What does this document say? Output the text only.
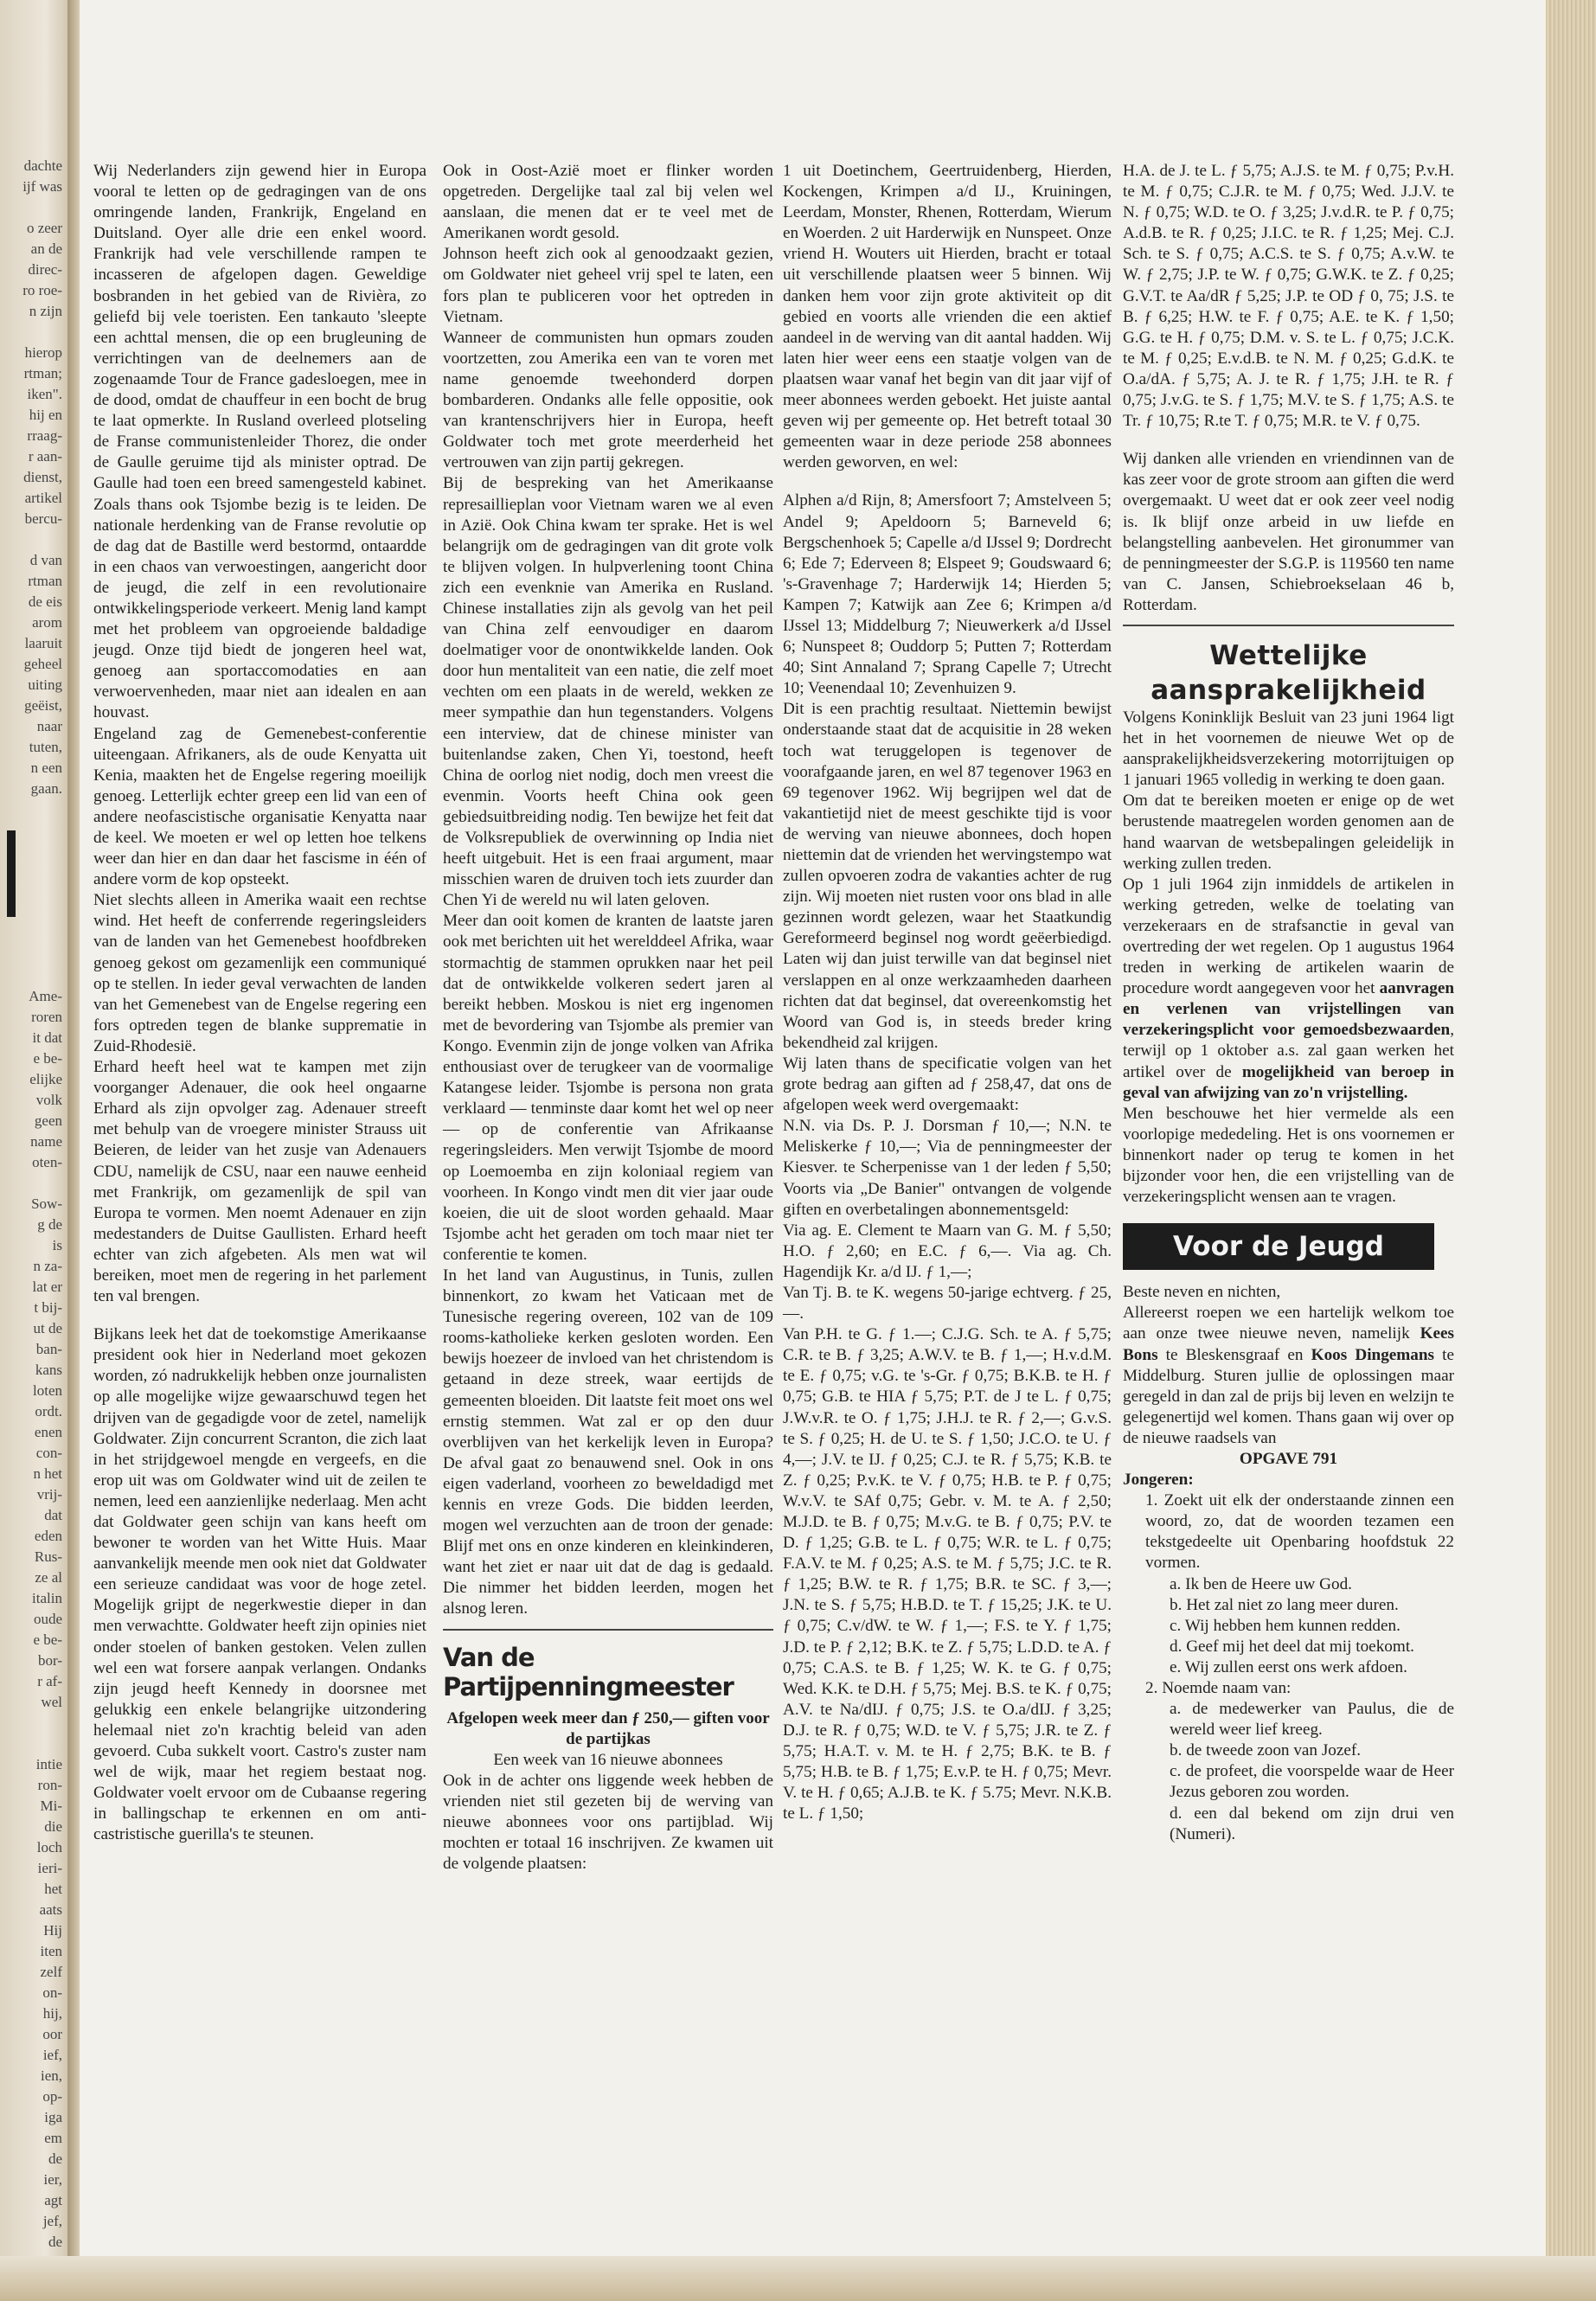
dachte
ijf was

o zeer
an de
direc-
ro roe-
n zijn

hierop
rtman;
iken".
hij en
rraag-
r aan-
dienst,
artikel
bercu-

d van
rtman
de eis
arom
laaruit
geheel
uiting
geëist,
naar
tuten,
n een
gaan.

Ame-
roren
it dat
e be-
elijke
volk
geen
name
oten-

Sow-
g de
is
n za-
lat er
t bij-
ut de
ban-
kans
loten
ordt.
enen
con-
n het
vrij-
dat
eden
Rus-
ze al
italin
oude
e be-
bor-
r af-
wel

intie
ron-
Mi-
die
loch
ieri-
het
aats
Hij
iten
zelf
on-
hij,
oor
ief,
ien,
op-
iga
em
de
ier,
agt
jef,
de

Wij Nederlanders zijn gewend hier in Europa vooral te letten op de gedragingen van de ons omringende landen, Frankrijk, Engeland en Duitsland. Oyer alle drie een enkel woord. Frankrijk had vele verschillende rampen te incasseren de afgelopen dagen. Geweldige bosbranden in het gebied van de Rivièra, zo geliefd bij vele toeristen. Een tankauto 'sleepte een achttal mensen, die op een brugleuning de verrichtingen van de deelnemers aan de zogenaamde Tour de France gadesloegen, mee in de dood, omdat de chauffeur in een bocht de brug te laat opmerkte. In Rusland overleed plotseling de Franse communistenleider Thorez, die onder de Gaulle geruime tijd als minister optrad. De Gaulle had toen een breed samengesteld kabinet. Zoals thans ook Tsjombe bezig is te leiden. De nationale herdenking van de Franse revolutie op de dag dat de Bastille werd bestormd, ontaardde in een chaos van verwoestingen, aangericht door de jeugd, die zelf in een revolutionaire ontwikkelingsperiode verkeert. Menig land kampt met het probleem van opgroeiende baldadige jeugd. Onze tijd biedt de jongeren heel wat, genoeg aan sportaccomodaties en aan verwoervenheden, maar niet aan idealen en aan houvast.

Engeland zag de Gemenebest-conferentie uiteengaan. Afrikaners, als de oude Kenyatta uit Kenia, maakten het de Engelse regering moeilijk genoeg. Letterlijk echter greep een lid van een of andere neofascistische organisatie Kenyatta naar de keel. We moeten er wel op letten hoe telkens weer dan hier en dan daar het fascisme in één of andere vorm de kop opsteekt.

Niet slechts alleen in Amerika waait een rechtse wind. Het heeft de conferrende regeringsleiders van de landen van het Gemenebest hoofdbreken genoeg gekost om gezamenlijk een communiqué op te stellen. In ieder geval verwachten de landen van het Gemenebest van de Engelse regering een fors optreden tegen de blanke supprematie in Zuid-Rhodesië.

Erhard heeft heel wat te kampen met zijn voorganger Adenauer, die ook heel ongaarne Erhard als zijn opvolger zag. Adenauer streeft met behulp van de vroegere minister Strauss uit Beieren, de leider van het zusje van Adenauers CDU, namelijk de CSU, naar een nauwe eenheid met Frankrijk, om gezamenlijk de spil van Europa te vormen. Men noemt Adenauer en zijn medestanders de Duitse Gaullisten. Erhard heeft echter van zich afgebeten. Als men wat wil bereiken, moet men de regering in het parlement ten val brengen.

Bijkans leek het dat de toekomstige Amerikaanse president ook hier in Nederland moet gekozen worden, zó nadrukkelijk hebben onze journalisten op alle mogelijke wijze gewaarschuwd tegen het drijven van de gegadigde voor de zetel, namelijk Goldwater. Zijn concurrent Scranton, die zich laat in het strijdgewoel mengde en vergeefs, en die erop uit was om Goldwater wind uit de zeilen te nemen, leed een aanzienlijke nederlaag. Men acht dat Goldwater geen schijn van kans heeft om bewoner te worden van het Witte Huis. Maar aanvankelijk meende men ook niet dat Goldwater een serieuze candidaat was voor de hoge zetel. Mogelijk grijpt de negerkwestie dieper in dan men verwachtte. Goldwater heeft zijn opinies niet onder stoelen of banken gestoken. Velen zullen wel een wat forsere aanpak verlangen. Ondanks zijn jeugd heeft Kennedy in doorsnee met gelukkig een enkele belangrijke uitzondering helemaal niet zo'n krachtig beleid van aden gevoerd. Cuba sukkelt voort. Castro's zuster nam wel de wijk, maar het regiem bestaat nog. Goldwater voelt ervoor om de Cubaanse regering in ballingschap te erkennen en om anti-castristische guerilla's te steunen.

Ook in Oost-Azië moet er flinker worden opgetreden. Dergelijke taal zal bij velen wel aanslaan, die menen dat er te veel met de Amerikanen wordt gesold.

Johnson heeft zich ook al genoodzaakt gezien, om Goldwater niet geheel vrij spel te laten, een fors plan te publiceren voor het optreden in Vietnam.

Wanneer de communisten hun opmars zouden voortzetten, zou Amerika een van te voren met name genoemde tweehonderd dorpen bombarderen. Ondanks alle felle oppositie, ook van krantenschrijvers hier in Europa, heeft Goldwater toch met grote meerderheid het vertrouwen van zijn partij gekregen.

Bij de bespreking van het Amerikaanse represaillieplan voor Vietnam waren we al even in Azië. Ook China kwam ter sprake. Het is wel belangrijk om de gedragingen van dit grote volk te blijven volgen. In hulpverlening toont China zich een evenknie van Amerika en Rusland. Chinese installaties zijn als gevolg van het peil van China zelf eenvoudiger en daarom doelmatiger voor de onontwikkelde landen. Ook door hun mentaliteit van een natie, die zelf moet vechten om een plaats in de wereld, wekken ze meer sympathie dan hun tegenstanders. Volgens een interview, dat de chinese minister van buitenlandse zaken, Chen Yi, toestond, heeft China de oorlog niet nodig, doch men vreest die evenmin. Voorts heeft China ook geen gebiedsuitbreiding nodig. Ten bewijze het feit dat de Volksrepubliek de overwinning op India niet heeft uitgebuit. Het is een fraai argument, maar misschien waren de druiven toch iets zuurder dan Chen Yi de wereld nu wil laten geloven.

Meer dan ooit komen de kranten de laatste jaren ook met berichten uit het werelddeel Afrika, waar stormachtig de stammen oprukken naar het peil dat de ontwikkelde volkeren sedert jaren al bereikt hebben. Moskou is niet erg ingenomen met de bevordering van Tsjombe als premier van Kongo. Evenmin zijn de jonge volken van Afrika enthousiast over de terugkeer van de voormalige Katangese leider. Tsjombe is persona non grata verklaard — tenminste daar komt het wel op neer — op de conferentie van Afrikaanse regeringsleiders. Men verwijt Tsjombe de moord op Loemoemba en zijn koloniaal regiem van voorheen. In Kongo vindt men dit vier jaar oude koeien, die uit de sloot worden gehaald. Maar Tsjombe acht het geraden om toch maar niet ter conferentie te komen.

In het land van Augustinus, in Tunis, zullen binnenkort, zo kwam het Vaticaan met de Tunesische regering overeen, 102 van de 109 rooms-katholieke kerken gesloten worden. Een bewijs hoezeer de invloed van het christendom is getaand in deze streek, waar eertijds de gemeenten bloeiden. Dit laatste feit moet ons wel ernstig stemmen. Wat zal er op den duur overblijven van het kerkelijk leven in Europa? De afval gaat zo benauwend snel. Ook in ons eigen vaderland, voorheen zo beweldadigd met kennis en vreze Gods. Die bidden leerden, mogen wel verzuchten aan de troon der genade: Blijf met ons en onze kinderen en kleinkinderen, want het ziet er naar uit dat de dag is gedaald. Die nimmer het bidden leerden, mogen het alsnog leren.

Van de Partijpenningmeester

Afgelopen week meer dan ƒ 250,— giften voor de partijkas

Een week van 16 nieuwe abonnees

Ook in de achter ons liggende week hebben de vrienden niet stil gezeten bij de werving van nieuwe abonnees voor ons partijblad. Wij mochten er totaal 16 inschrijven. Ze kwamen uit de volgende plaatsen:

1 uit Doetinchem, Geertruidenberg, Hierden, Kockengen, Krimpen a/d IJ., Kruiningen, Leerdam, Monster, Rhenen, Rotterdam, Wierum en Woerden. 2 uit Harderwijk en Nunspeet. Onze vriend H. Wouters uit Hierden, bracht er totaal uit verschillende plaatsen weer 5 binnen. Wij danken hem voor zijn grote aktiviteit op dit gebied en voorts alle vrienden die een aktief aandeel in de werving van dit aantal hadden. Wij laten hier weer eens een staatje volgen van de plaatsen waar vanaf het begin van dit jaar vijf of meer abonnees werden geboekt. Het juiste aantal geven wij per gemeente op. Het betreft totaal 30 gemeenten waar in deze periode 258 abonnees werden geworven, en wel:

Alphen a/d Rijn, 8; Amersfoort 7; Amstelveen 5; Andel 9; Apeldoorn 5; Barneveld 6; Bergschenhoek 5; Capelle a/d IJssel 9; Dordrecht 6; Ede 7; Ederveen 8; Elspeet 9; Goudswaard 6; 's-Gravenhage 7; Harderwijk 14; Hierden 5; Kampen 7; Katwijk aan Zee 6; Krimpen a/d IJssel 13; Middelburg 7; Nieuwerkerk a/d IJssel 6; Nunspeet 8; Ouddorp 5; Putten 7; Rotterdam 40; Sint Annaland 7; Sprang Capelle 7; Utrecht 10; Veenendaal 10; Zevenhuizen 9.

Dit is een prachtig resultaat. Niettemin bewijst onderstaande staat dat de acquisitie in 28 weken toch wat teruggelopen is tegenover de voorafgaande jaren, en wel 87 tegenover 1963 en 69 tegenover 1962. Wij begrijpen wel dat de vakantietijd niet de meest geschikte tijd is voor de werving van nieuwe abonnees, doch hopen niettemin dat de vrienden het wervingstempo wat zullen opvoeren zodra de vakanties achter de rug zijn. Wij moeten niet rusten voor ons blad in alle gezinnen wordt gelezen, waar het Staatkundig Gereformeerd beginsel nog wordt geëerbiedigd. Laten wij dan juist terwille van dat beginsel niet verslappen en al onze werkzaamheden daarheen richten dat dat beginsel, dat overeenkomstig het Woord van God is, in steeds breder kring bekendheid zal krijgen.

Wij laten thans de specificatie volgen van het grote bedrag aan giften ad ƒ 258,47, dat ons de afgelopen week werd overgemaakt:

N.N. via Ds. P. J. Dorsman ƒ 10,—; N.N. te Meliskerke ƒ 10,—; Via de penningmeester der Kiesver. te Scherpenisse van 1 der leden ƒ 5,50; Voorts via „De Banier" ontvangen de volgende giften en overbetalingen abonnementsgeld:

Via ag. E. Clement te Maarn van G. M. ƒ 5,50; H.O. ƒ 2,60; en E.C. ƒ 6,—. Via ag. Ch. Hagendijk Kr. a/d IJ. ƒ 1,—;

Van Tj. B. te K. wegens 50-jarige echtverg. ƒ 25,—.

Van P.H. te G. ƒ 1.—; C.J.G. Sch. te A. ƒ 5,75; C.R. te B. ƒ 3,25; A.W.V. te B. ƒ 1,—; H.v.d.M. te E. ƒ 0,75; v.G. te 's-Gr. ƒ 0,75; B.K.B. te H. ƒ 0,75; G.B. te HIA ƒ 5,75; P.T. de J te L. ƒ 0,75; J.W.v.R. te O. ƒ 1,75; J.H.J. te R. ƒ 2,—; G.v.S. te S. ƒ 0,25; H. de U. te S. ƒ 1,50; J.C.O. te U. ƒ 4,—; J.V. te IJ. ƒ 0,25; C.J. te R. ƒ 5,75; K.B. te Z. ƒ 0,25; P.v.K. te V. ƒ 0,75; H.B. te P. ƒ 0,75; W.v.V. te SAf 0,75; Gebr. v. M. te A. ƒ 2,50; M.J.D. te B. ƒ 0,75; M.v.G. te B. ƒ 0,75; P.V. te D. ƒ 1,25; G.B. te L. ƒ 0,75; W.R. te L. ƒ 0,75; F.A.V. te M. ƒ 0,25; A.S. te M. ƒ 5,75; J.C. te R. ƒ 1,25; B.W. te R. ƒ 1,75; B.R. te SC. ƒ 3,—; J.N. te S. ƒ 5,75; H.B.D. te T. ƒ 15,25; J.K. te U. ƒ 0,75; C.v/dW. te W. ƒ 1,—; F.S. te Y. ƒ 1,75; J.D. te P. ƒ 2,12; B.K. te Z. ƒ 5,75; L.D.D. te A. ƒ 0,75; C.A.S. te B. ƒ 1,25; W. K. te G. ƒ 0,75; Wed. K.K. te D.H. ƒ 5,75; Mej. B.S. te K. ƒ 0,75; A.V. te Na/dIJ. ƒ 0,75; J.S. te O.a/dIJ. ƒ 3,25; D.J. te R. ƒ 0,75; W.D. te V. ƒ 5,75; J.R. te Z. ƒ 5,75; H.A.T. v. M. te H. ƒ 2,75; B.K. te B. ƒ 5,75; H.B. te B. ƒ 1,75; E.v.P. te H. ƒ 0,75; Mevr. V. te H. ƒ 0,65; A.J.B. te K. ƒ 5.75; Mevr. N.K.B. te L. ƒ 1,50;

H.A. de J. te L. ƒ 5,75; A.J.S. te M. ƒ 0,75; P.v.H. te M. ƒ 0,75; C.J.R. te M. ƒ 0,75; Wed. J.J.V. te N. ƒ 0,75; W.D. te O. ƒ 3,25; J.v.d.R. te P. ƒ 0,75; A.d.B. te R. ƒ 0,25; J.I.C. te R. ƒ 1,25; Mej. C.J. Sch. te S. ƒ 0,75; A.C.S. te S. ƒ 0,75; A.v.W. te W. ƒ 2,75; J.P. te W. ƒ 0,75; G.W.K. te Z. ƒ 0,25; G.V.T. te Aa/dR ƒ 5,25; J.P. te OD ƒ 0, 75; J.S. te B. ƒ 6,25; H.W. te F. ƒ 0,75; A.E. te K. ƒ 1,50; G.G. te H. ƒ 0,75; D.M. v. S. te L. ƒ 0,75; J.C.K. te M. ƒ 0,25; E.v.d.B. te N. M. ƒ 0,25; G.d.K. te O.a/dA. ƒ 5,75; A. J. te R. ƒ 1,75; J.H. te R. ƒ 0,75; J.v.G. te S. ƒ 1,75; M.V. te S. ƒ 1,75; A.S. te Tr. ƒ 10,75; R.te T. ƒ 0,75; M.R. te V. ƒ 0,75.

Wij danken alle vrienden en vriendinnen van de kas zeer voor de grote stroom aan giften die werd overgemaakt. U weet dat er ook zeer veel nodig is. Ik blijf onze arbeid in uw liefde en belangstelling aanbevelen. Het gironummer van de penningmeester der S.G.P. is 119560 ten name van C. Jansen, Schiebroekselaan 46 b, Rotterdam.

Wettelijke aansprakelijkheid

Volgens Koninklijk Besluit van 23 juni 1964 ligt het in het voornemen de nieuwe Wet op de aansprakelijkheidsverzekering motorrijtuigen op 1 januari 1965 volledig in werking te doen gaan.

Om dat te bereiken moeten er enige op de wet berustende maatregelen worden genomen aan de hand waarvan de wetsbepalingen geleidelijk in werking zullen treden.

Op 1 juli 1964 zijn inmiddels de artikelen in werking getreden, welke de toelating van verzekeraars en de strafsanctie in geval van overtreding der wet regelen. Op 1 augustus 1964 treden in werking de artikelen waarin de procedure wordt aangegeven voor het aanvragen en verlenen van vrijstellingen van verzekeringsplicht voor gemoedsbezwaarden, terwijl op 1 oktober a.s. zal gaan werken het artikel over de mogelijkheid van beroep in geval van afwijzing van zo'n vrijstelling.

Men beschouwe het hier vermelde als een voorlopige mededeling. Het is ons voornemen er binnenkort nader op terug te komen in het bijzonder voor hen, die een vrijstelling van de verzekeringsplicht wensen aan te vragen.

Voor de Jeugd

Beste neven en nichten,

Allereerst roepen we een hartelijk welkom toe aan onze twee nieuwe neven, namelijk Kees Bons te Bleskensgraaf en Koos Dingemans te Middelburg. Sturen jullie de oplossingen maar geregeld in dan zal de prijs bij leven en welzijn te gelegenertijd wel komen. Thans gaan wij over op de nieuwe raadsels van

OPGAVE 791

Jongeren:

1. Zoekt uit elk der onderstaande zinnen een woord, zo, dat de woorden tezamen een tekstgedeelte uit Openbaring hoofdstuk 22 vormen.

a. Ik ben de Heere uw God.

b. Het zal niet zo lang meer duren.

c. Wij hebben hem kunnen redden.

d. Geef mij het deel dat mij toekomt.

e. Wij zullen eerst ons werk afdoen.

2. Noemde naam van:

a. de medewerker van Paulus, die de wereld weer lief kreeg.

b. de tweede zoon van Jozef.

c. de profeet, die voorspelde waar de Heer Jezus geboren zou worden.

d. een dal bekend om zijn drui ven (Numeri).
